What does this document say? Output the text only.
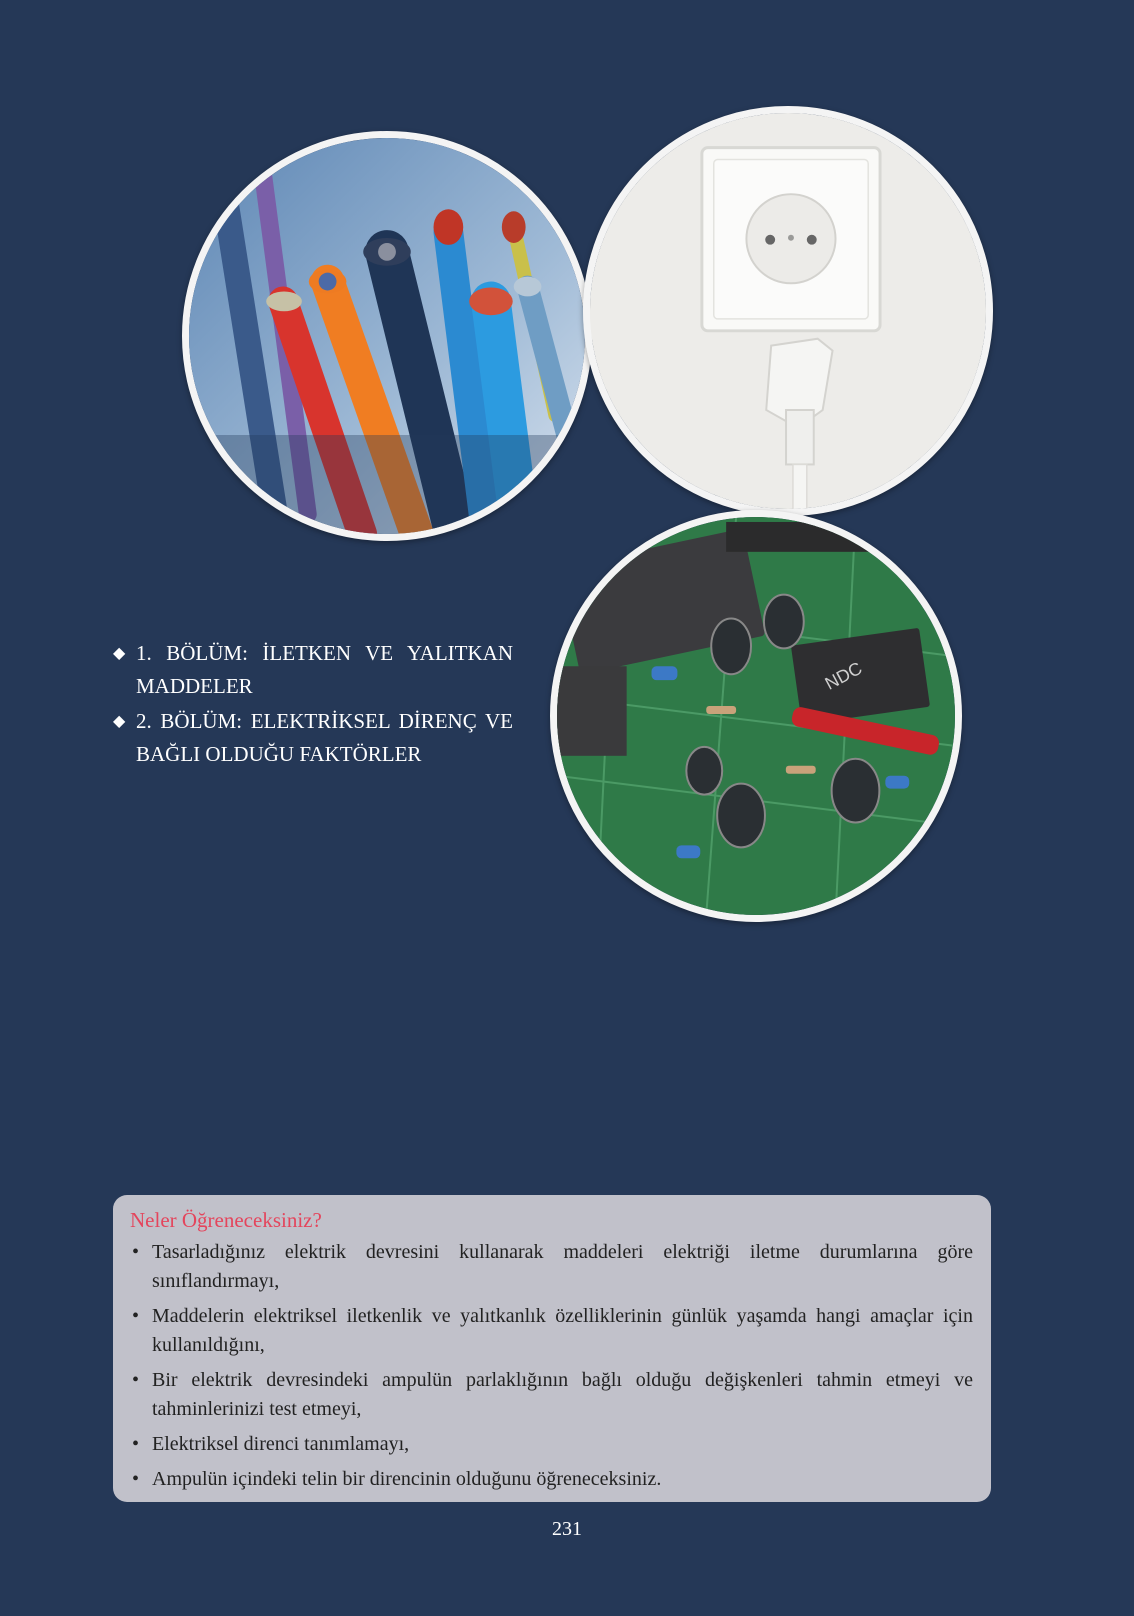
NDC
◆ 1. BÖLÜM: İLETKEN VE YALITKAN MADDELER
◆ 2. BÖLÜM: ELEKTRİKSEL DİRENÇ VE BAĞLI OLDUĞU FAKTÖRLER
Neler Öğreneceksiniz?
• Tasarladığınız elektrik devresini kullanarak maddeleri elektriği iletme durumlarına göre sınıflandırmayı,
• Maddelerin elektriksel iletkenlik ve yalıtkanlık özelliklerinin günlük yaşamda hangi amaçlar için kullanıldığını,
• Bir elektrik devresindeki ampulün parlaklığının bağlı olduğu değişkenleri tahmin etmeyi ve tahminlerinizi test etmeyi,
• Elektriksel direnci tanımlamayı,
• Ampulün içindeki telin bir direncinin olduğunu öğreneceksiniz.
231
